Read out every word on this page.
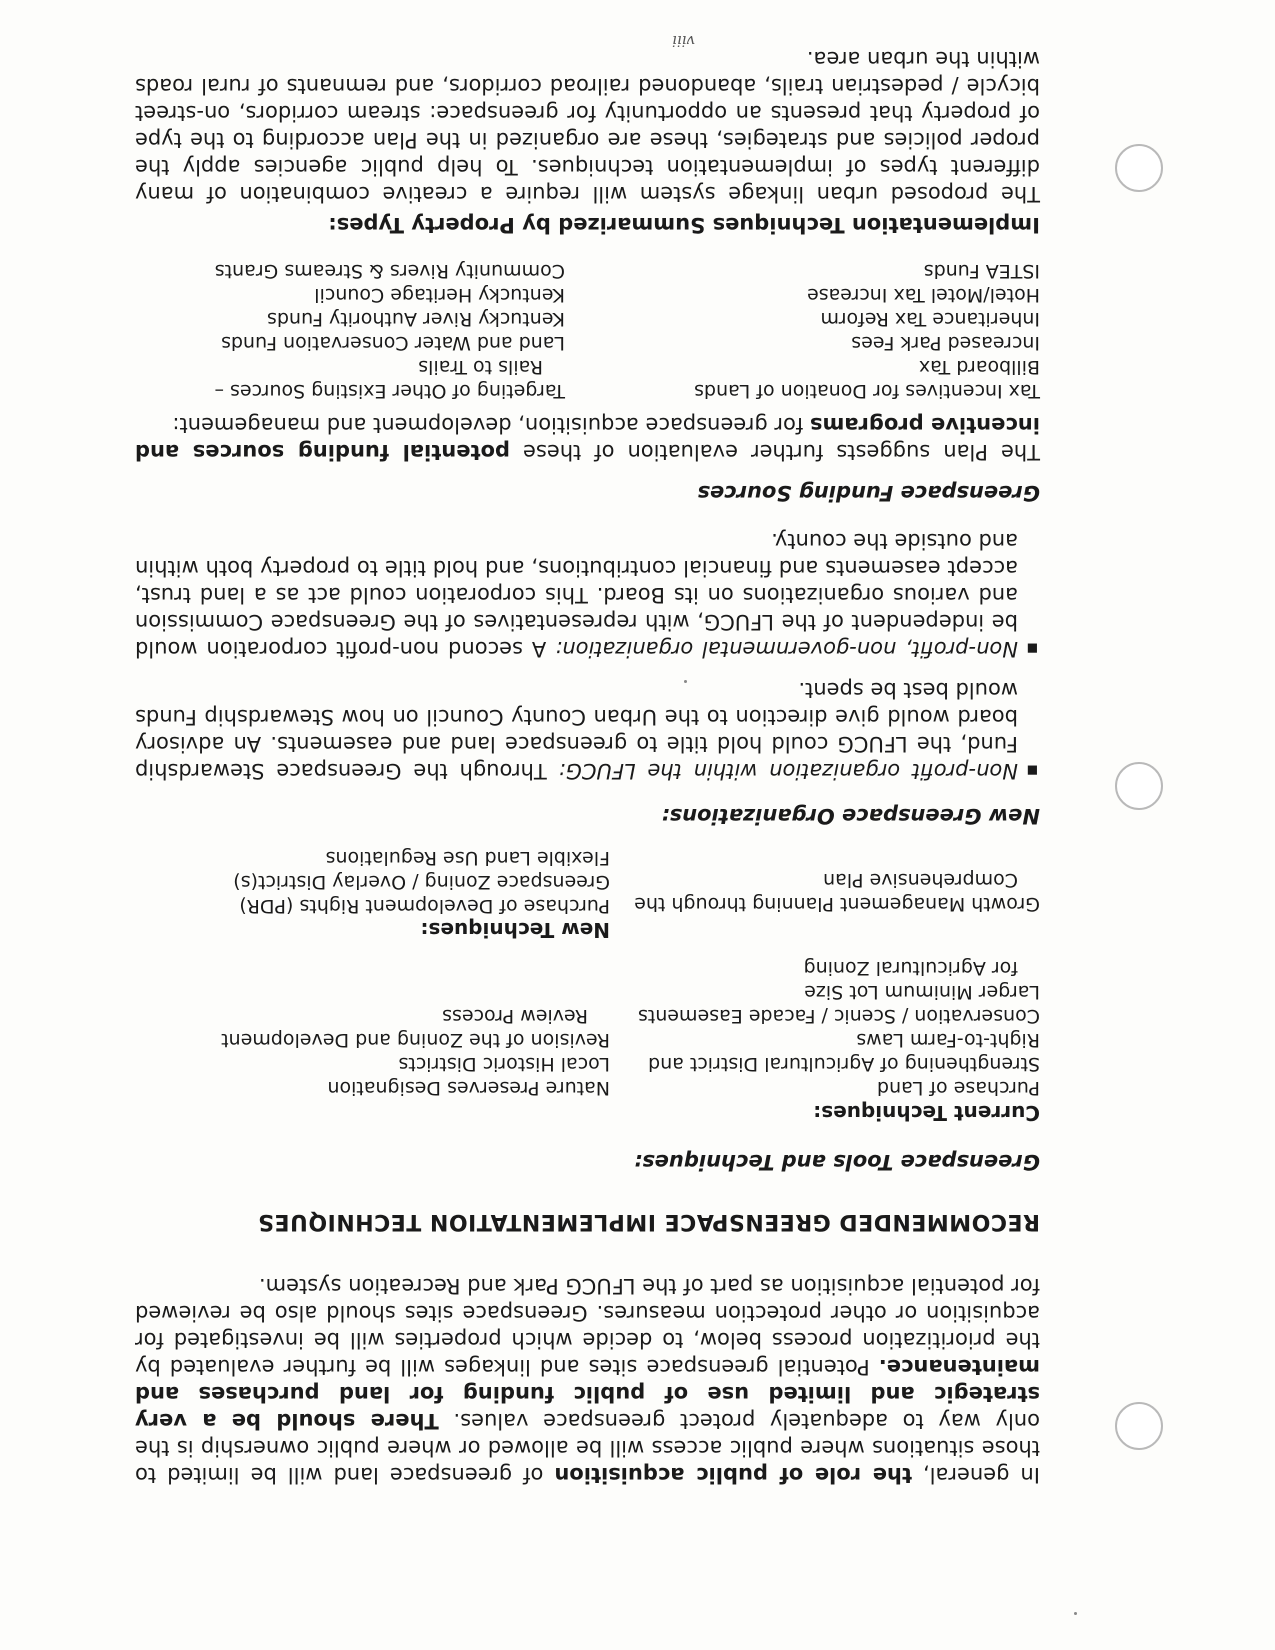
In general, the role of public acquisition of greenspace land will be limited to those situations where public access will be allowed or where public ownership is the only way to adequately protect greenspace values. There should be a very strategic and limited use of public funding for land purchases and maintenance. Potential greenspace sites and linkages will be further evaluated by the prioritization process below, to decide which properties will be investigated for acquisition or other protection measures. Greenspace sites should also be reviewed for potential acquisition as part of the LFUCG Park and Recreation system.

RECOMMENDED GREENSPACE IMPLEMENTATION TECHNIQUES

Greenspace Tools and Techniques:

Current Techniques:

Purchase of Land
Strengthening of Agricultural District and
Right-to-Farm Laws
Conservation / Scenic / Facade Easements
Larger Minimum Lot Size
for Agricultural Zoning
Nature Preserves Designation
Local Historic Districts
Revision of the Zoning and Development
Review Process
Growth Management Planning through the
Comprehensive Plan
New Techniques:
Purchase of Development Rights (PDR)
Greenspace Zoning / Overlay District(s)
Flexible Land Use Regulations

New Greenspace Organizations:

■

Non-profit organization within the LFUCG: Through the Greenspace Stewardship Fund, the LFUCG could hold title to greenspace land and easements. An advisory board would give direction to the Urban County Council on how Stewardship Funds would best be spent.

■

Non-profit, non-governmental organization: A second non-profit corporation would be independent of the LFUCG, with representatives of the Greenspace Commission and various organizations on its Board. This corporation could act as a land trust, accept easements and financial contributions, and hold title to property both within and outside the county.

Greenspace Funding Sources

The Plan suggests further evaluation of these potential funding sources and incentive programs for greenspace acquisition, development and management:

Tax Incentives for Donation of Lands
Billboard Tax
Increased Park Fees
Inheritance Tax Reform
Hotel/Motel Tax Increase
ISTEA Funds
Targeting of Other Existing Sources –
Rails to Trails
Land and Water Conservation Funds
Kentucky River Authority Funds
Kentucky Heritage Council
Community Rivers & Streams Grants

Implementation Techniques Summarized by Property Types:

The proposed urban linkage system will require a creative combination of many different types of implementation techniques. To help public agencies apply the proper policies and strategies, these are organized in the Plan according to the type of property that presents an opportunity for greenspace: stream corridors, on-street bicycle / pedestrian trails, abandoned railroad corridors, and remnants of rural roads within the urban area.

viii
